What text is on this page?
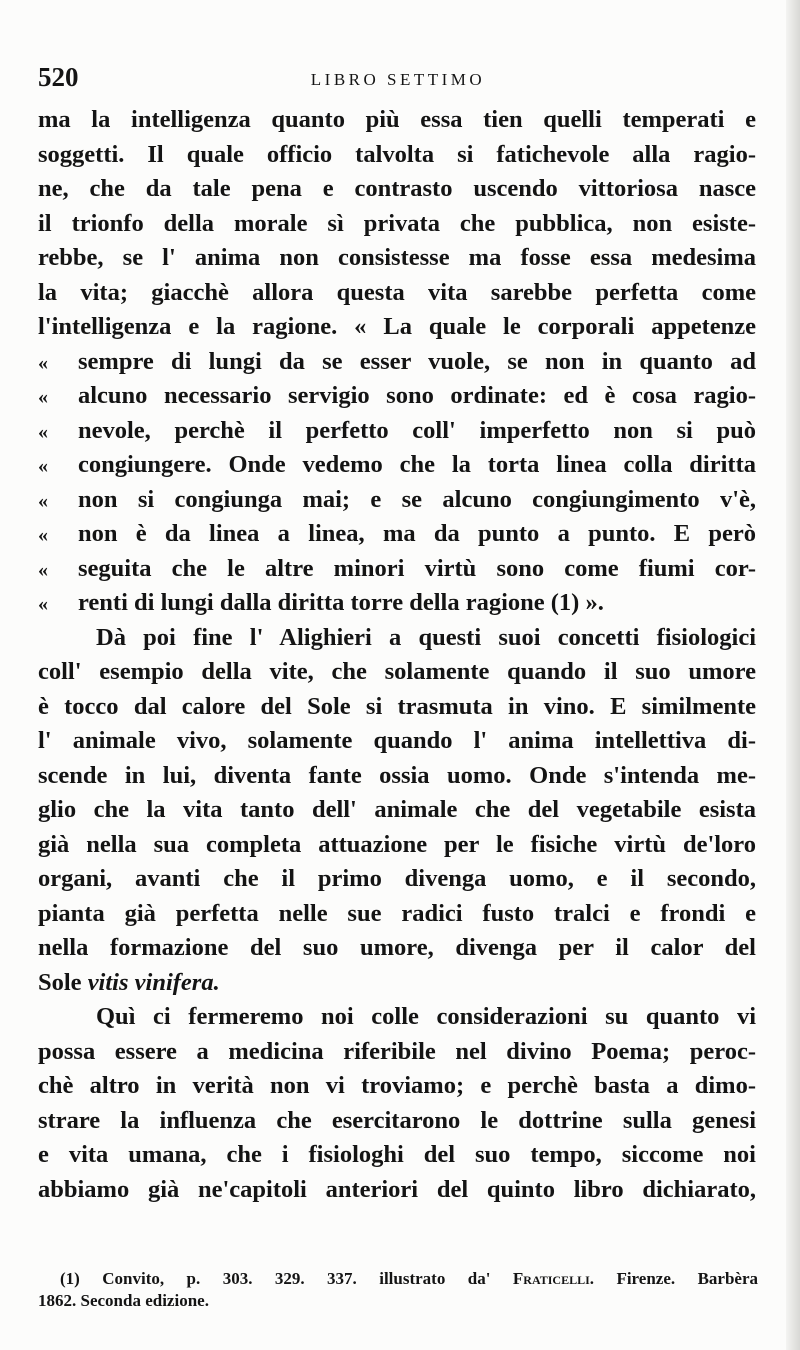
520	LIBRO SETTIMO
ma la intelligenza quanto più essa tien quelli temperati e
soggetti. Il quale officio talvolta si fatichevole alla ragio-
ne, che da tale pena e contrasto uscendo vittoriosa nasce
il trionfo della morale sì privata che pubblica, non esiste-
rebbe, se l' anima non consistesse ma fosse essa medesima
la vita; giacchè allora questa vita sarebbe perfetta come
l'intelligenza e la ragione. « La quale le corporali appetenze
« sempre di lungi da se esser vuole, se non in quanto ad
« alcuno necessario servigio sono ordinate: ed è cosa ragio-
« nevole, perchè il perfetto coll' imperfetto non si può
« congiungere. Onde vedemo che la torta linea colla diritta
« non si congiunga mai; e se alcuno congiungimento v'è,
« non è da linea a linea, ma da punto a punto. E però
« seguita che le altre minori virtù sono come fiumi cor-
« renti di lungi dalla diritta torre della ragione (1) ».
Dà poi fine l' Alighieri a questi suoi concetti fisiologici
coll' esempio della vite, che solamente quando il suo umore
è tocco dal calore del Sole si trasmuta in vino. E similmente
l' animale vivo, solamente quando l' anima intellettiva di-
scende in lui, diventa fante ossia uomo. Onde s'intenda me-
glio che la vita tanto dell' animale che del vegetabile esista
già nella sua completa attuazione per le fisiche virtù de'loro
organi, avanti che il primo divenga uomo, e il secondo,
pianta già perfetta nelle sue radici fusto tralci e frondi e
nella formazione del suo umore, divenga per il calor del
Sole vitis vinifera.
Quì ci fermeremo noi colle considerazioni su quanto vi
possa essere a medicina riferibile nel divino Poema; peroc-
chè altro in verità non vi troviamo; e perchè basta a dimo-
strare la influenza che esercitarono le dottrine sulla genesi
e vita umana, che i fisiologhi del suo tempo, siccome noi
abbiamo già ne'capitoli anteriori del quinto libro dichiarato,
(1) Convito, p. 303. 329. 337. illustrato da' Fraticelli. Firenze. Barbèra
1862. Seconda edizione.
